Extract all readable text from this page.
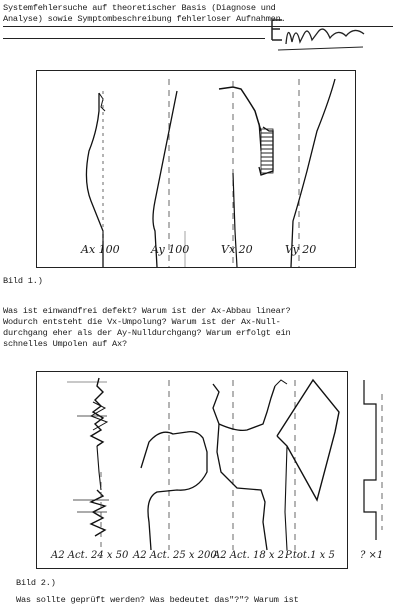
Systemfehlersuche auf theoretischer Basis (Diagnose und
Analyse) sowie Symptombeschreibung fehlerloser Aufnahmen.
Ax 100	Ay 100	Vx 20	Vy 20
Bild 1.)
Was ist einwandfrei defekt? Warum ist der Ax-Abbau linear?
Wodurch entsteht die Vx-Umpolung? Warum ist der Ax-Null-
durchgang eher als der Ay-Nulldurchgang? Warum erfolgt ein
schnelles Umpolen auf Ax?
A2 Act. 24 x 50 A2 Act. 25 x 200
A2 Act. 18 x 2 P.tot.1 x 5	? ×1
Bild 2.)
Was sollte geprüft werden? Was bedeutet das"?"? Warum ist
